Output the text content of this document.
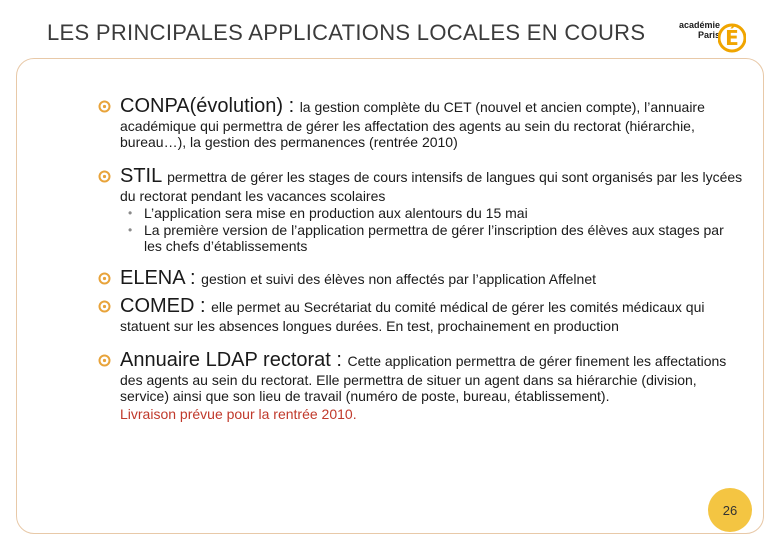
LES PRINCIPALES APPLICATIONS LOCALES EN COURS	académie
Paris É
CONPA(évolution) : la gestion complète du CET (nouvel et ancien compte), l’annuaire académique qui permettra de gérer les affectation des agents au sein du rectorat (hiérarchie, bureau…), la gestion des permanences (rentrée 2010)
STIL permettra de gérer les stages de cours intensifs de langues qui sont organisés par les lycées du rectorat pendant les vacances scolaires
• L’application sera mise en production aux alentours du 15 mai
• La première version de l’application permettra de gérer l’inscription des élèves aux stages par les chefs d’établissements
ELENA : gestion et suivi des élèves non affectés par l’application Affelnet
COMED : elle permet au Secrétariat du comité médical de gérer les comités médicaux qui statuent sur les absences longues durées. En test, prochainement en production
Annuaire LDAP rectorat : Cette application permettra de gérer finement les affectations des agents au sein du rectorat. Elle permettra de situer un agent dans sa hiérarchie (division, service) ainsi que son lieu de travail (numéro de poste, bureau, établissement).
Livraison prévue pour la rentrée 2010.
26
